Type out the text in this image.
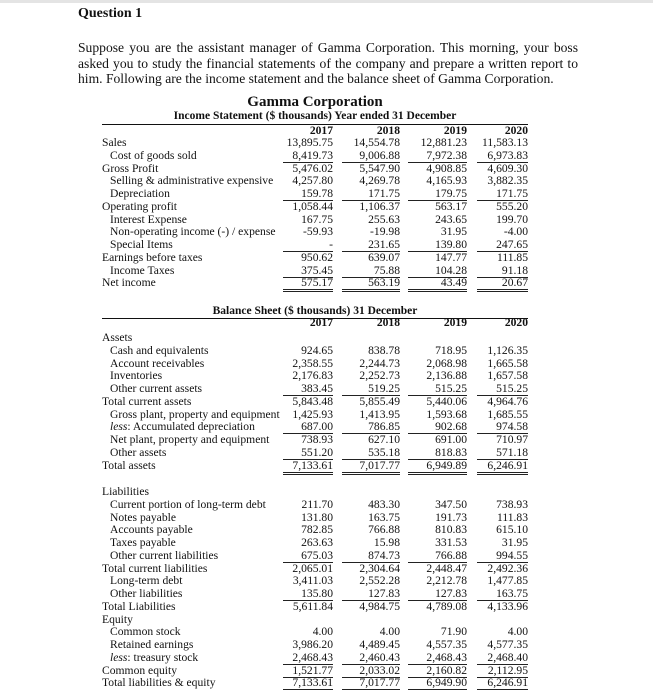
Question 1
Suppose you are the assistant manager of Gamma Corporation. This morning, your boss asked you to study the financial statements of the company and prepare a written report to him. Following are the income statement and the balance sheet of Gamma Corporation.
Gamma Corporation
Income Statement ($ thousands) Year ended 31 December
2017	2018	2019	2020
Sales	13,895.75	14,554.78	12,881.23	11,583.13
Cost of goods sold	8,419.73	9,006.88	7,972.38	6,973.83
Gross Profit	5,476.02	5,547.90	4,908.85	4,609.30
Selling & administrative expensive	4,257.80	4,269.78	4,165.93	3,882.35
Depreciation	159.78	171.75	179.75	171.75
Operating profit	1,058.44	1,106.37	563.17	555.20
Interest Expense	167.75	255.63	243.65	199.70
Non-operating income (-) / expense	-59.93	-19.98	31.95	-4.00
Special Items	-	231.65	139.80	247.65
Earnings before taxes	950.62	639.07	147.77	111.85
Income Taxes	375.45	75.88	104.28	91.18
Net income	575.17	563.19	43.49	20.67
Balance Sheet ($ thousands) 31 December
2017	2018	2019	2020
Assets
Cash and equivalents	924.65	838.78	718.95	1,126.35
Account receivables	2,358.55	2,244.73	2,068.98	1,665.58
Inventories	2,176.83	2,252.73	2,136.88	1,657.58
Other current assets	383.45	519.25	515.25	515.25
Total current assets	5,843.48	5,855.49	5,440.06	4,964.76
Gross plant, property and equipment	1,425.93	1,413.95	1,593.68	1,685.55
less: Accumulated depreciation	687.00	786.85	902.68	974.58
Net plant, property and equipment	738.93	627.10	691.00	710.97
Other assets	551.20	535.18	818.83	571.18
Total assets	7,133.61	7,017.77	6,949.89	6,246.91
Liabilities
Current portion of long-term debt	211.70	483.30	347.50	738.93
Notes payable	131.80	163.75	191.73	111.83
Accounts payable	782.85	766.88	810.83	615.10
Taxes payable	263.63	15.98	331.53	31.95
Other current liabilities	675.03	874.73	766.88	994.55
Total current liabilities	2,065.01	2,304.64	2,448.47	2,492.36
Long-term debt	3,411.03	2,552.28	2,212.78	1,477.85
Other liabilities	135.80	127.83	127.83	163.75
Total Liabilities	5,611.84	4,984.75	4,789.08	4,133.96
Equity
Common stock	4.00	4.00	71.90	4.00
Retained earnings	3,986.20	4,489.45	4,557.35	4,577.35
less: treasury stock	2,468.43	2,460.43	2,468.43	2,468.40
Common equity	1,521.77	2,033.02	2,160.82	2,112.95
Total liabilities & equity	7,133.61	7,017.77	6,949.90	6,246.91
